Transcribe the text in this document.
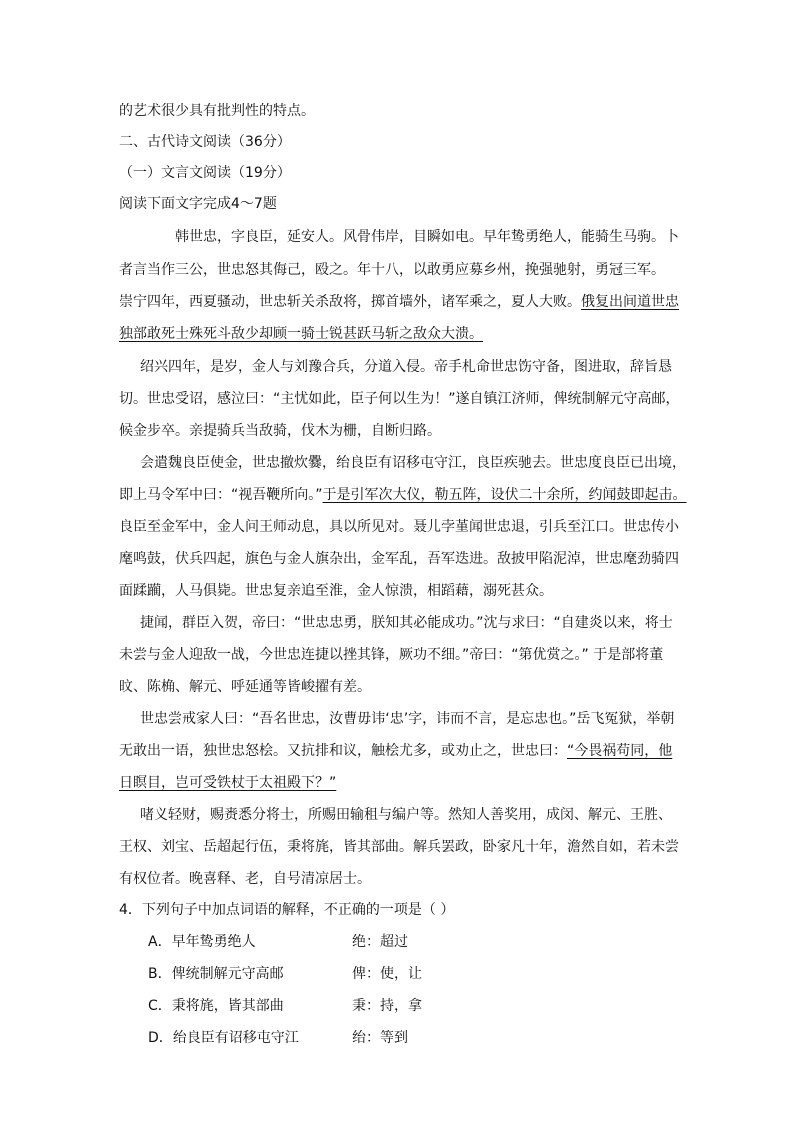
的艺术很少具有批判性的特点。
二、古代诗文阅读（36分）
（一）文言文阅读（19分）
阅读下面文字完成4～7题
韩世忠，字良臣，延安人。风骨伟岸，目瞬如电。早年鸷勇绝人，能骑生马驹。卜
者言当作三公，世忠怒其侮己，殴之。年十八，以敢勇应募乡州，挽强驰射，勇冠三军。
崇宁四年，西夏骚动，世忠斩关杀敌将，掷首墙外，诸军乘之，夏人大败。俄复出间道世忠
独部敢死士殊死斗敌少却顾一骑士锐甚跃马斩之敌众大溃。
绍兴四年，是岁，金人与刘豫合兵，分道入侵。帝手札命世忠饬守备，图进取，辞旨恳
切。世忠受诏，感泣曰：“主忧如此，臣子何以生为！”遂自镇江济师，俾统制解元守高邮，
候金步卒。亲提骑兵当敌骑，伐木为栅，自断归路。
会遣魏良臣使金，世忠撤炊爨，绐良臣有诏移屯守江，良臣疾驰去。世忠度良臣已出境，
即上马令军中曰：“视吾鞭所向。”于是引军次大仪，勒五阵，设伏二十余所，约闻鼓即起击。
良臣至金军中，金人问王师动息，具以所见对。聂儿孛堇闻世忠退，引兵至江口。世忠传小
麾鸣鼓，伏兵四起，旗色与金人旗杂出，金军乱，吾军迭进。敌披甲陷泥淖，世忠麾劲骑四
面蹂躏，人马俱毙。世忠复亲追至淮，金人惊溃，相蹈藉，溺死甚众。
捷闻，群臣入贺，帝曰：“世忠忠勇，朕知其必能成功。”沈与求曰：“自建炎以来，将士
未尝与金人迎敌一战，今世忠连捷以挫其锋，厥功不细。”帝曰：“第优赏之。” 于是部将董
旼、陈桷、解元、呼延通等皆峻擢有差。
世忠尝戒家人曰：“吾名世忠，汝曹毋讳‘忠’字，讳而不言，是忘忠也。”岳飞冤狱，举朝
无敢出一语，独世忠怒桧。又抗排和议，触桧尤多，或劝止之，世忠曰：“今畏祸苟同，他
日瞑目，岂可受铁杖于太祖殿下？”
啫义轻财，赐赉悉分将士，所赐田输租与编户等。然知人善奖用，成闵、解元、王胜、
王权、刘宝、岳超起行伍，秉将旄，皆其部曲。解兵罢政，卧家凡十年，澹然自如，若未尝
有权位者。晚喜释、老，自号清凉居士。
4．下列句子中加点词语的解释，不正确的一项是（ ）
A．早年鸷勇绝人	绝：超过
B．俾统制解元守高邮	俾：使，让
C．秉将旄，皆其部曲	秉：持，拿
D．绐良臣有诏移屯守江	绐：等到
